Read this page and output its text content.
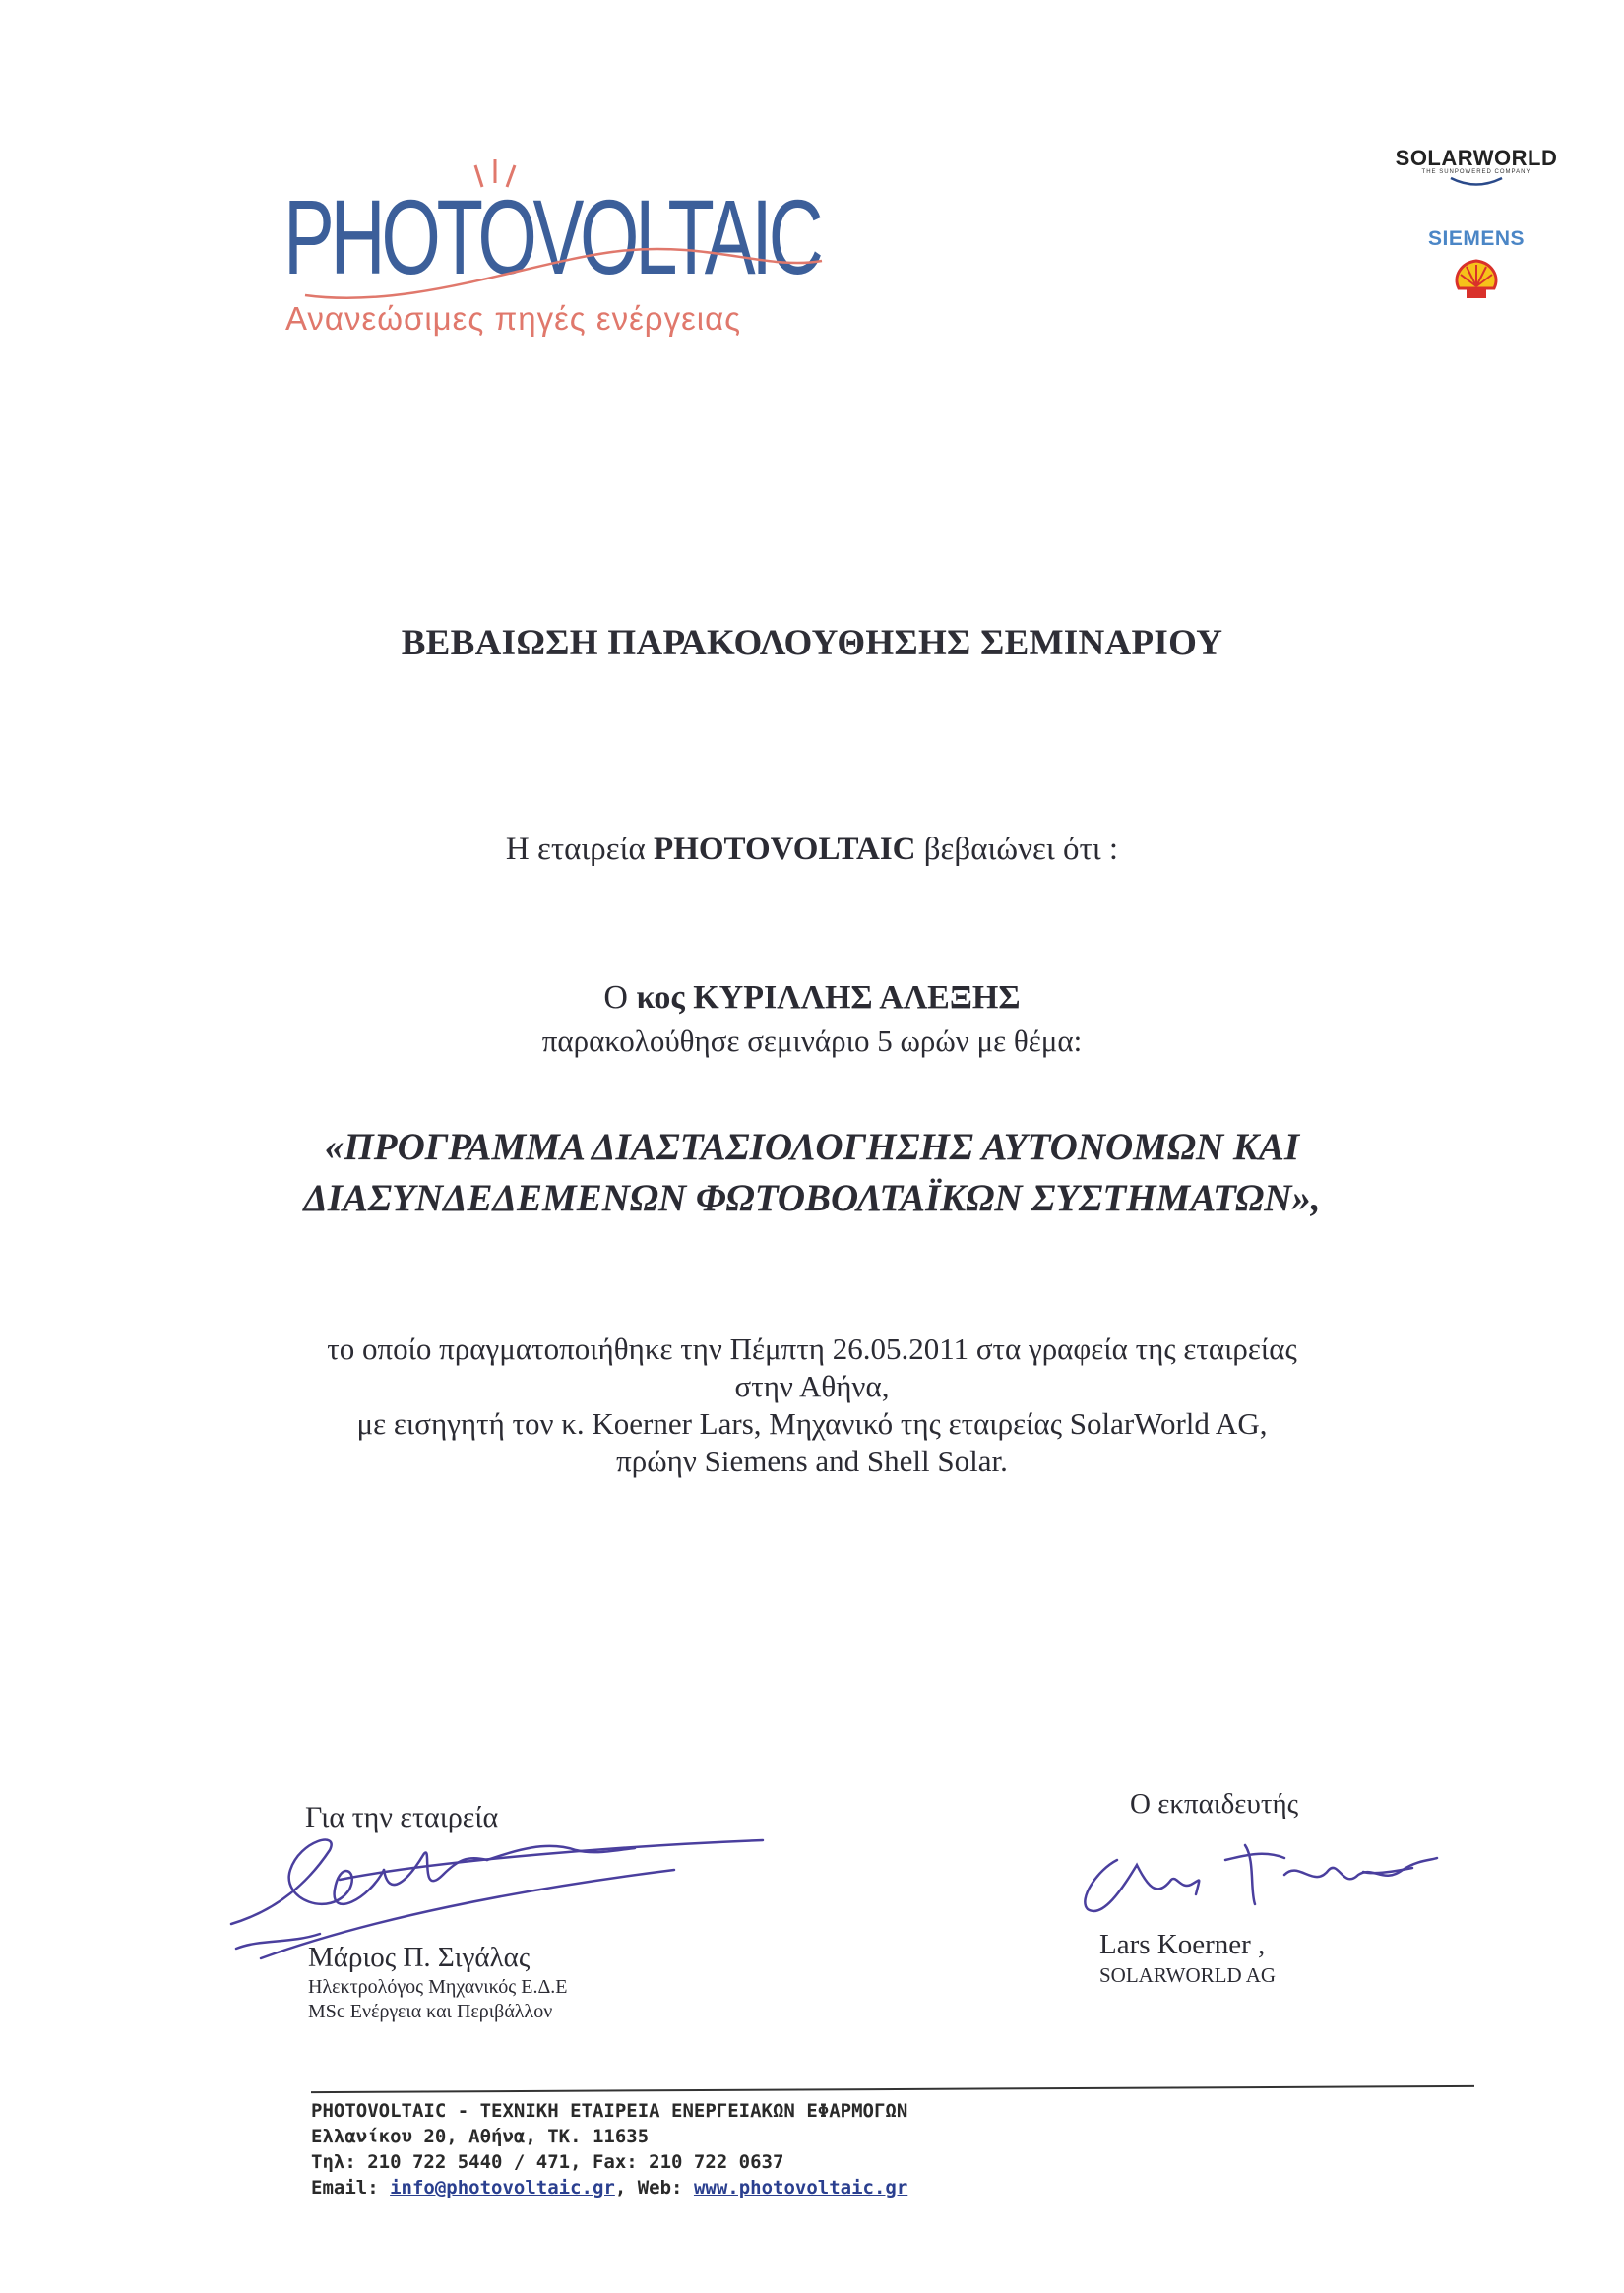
PHOTOVOLTAIC
Ανανεώσιμες πηγές ενέργειας
SOLARWORLD
THE SUNPOWERED COMPANY
SIEMENS
ΒΕΒΑΙΩΣΗ ΠΑΡΑΚΟΛΟΥΘΗΣΗΣ ΣΕΜΙΝΑΡΙΟΥ
Η εταιρεία PHOTOVOLTAIC βεβαιώνει ότι :
Ο κος ΚΥΡΙΛΛΗΣ ΑΛΕΞΗΣ
παρακολούθησε σεμινάριο 5 ωρών με θέμα:
«ΠΡΟΓΡΑΜΜΑ ΔΙΑΣΤΑΣΙΟΛΟΓΗΣΗΣ ΑΥΤΟΝΟΜΩΝ ΚΑΙ
ΔΙΑΣΥΝΔΕΔΕΜΕΝΩΝ ΦΩΤΟΒΟΛΤΑΪΚΩΝ ΣΥΣΤΗΜΑΤΩΝ»,
το οποίο πραγματοποιήθηκε την Πέμπτη 26.05.2011 στα γραφεία της εταιρείας
στην Αθήνα,
με εισηγητή τον κ. Koerner Lars, Μηχανικό της εταιρείας SolarWorld AG,
πρώην Siemens and Shell Solar.
Για την εταιρεία
Μάριος Π. Σιγάλας
Ηλεκτρολόγος Μηχανικός Ε.Δ.Ε
MSc Ενέργεια και Περιβάλλον
Ο εκπαιδευτής
Lars Koerner ,
SOLARWORLD AG
PHOTOVOLTAIC - ΤΕΧΝΙΚΗ ΕΤΑΙΡΕΙΑ ΕΝΕΡΓΕΙΑΚΩΝ ΕΦΑΡΜΟΓΩΝ
Ελλανίκου 20, Αθήνα, ΤΚ. 11635
Τηλ: 210 722 5440 / 471, Fax: 210 722 0637
Email: info@photovoltaic.gr, Web: www.photovoltaic.gr
